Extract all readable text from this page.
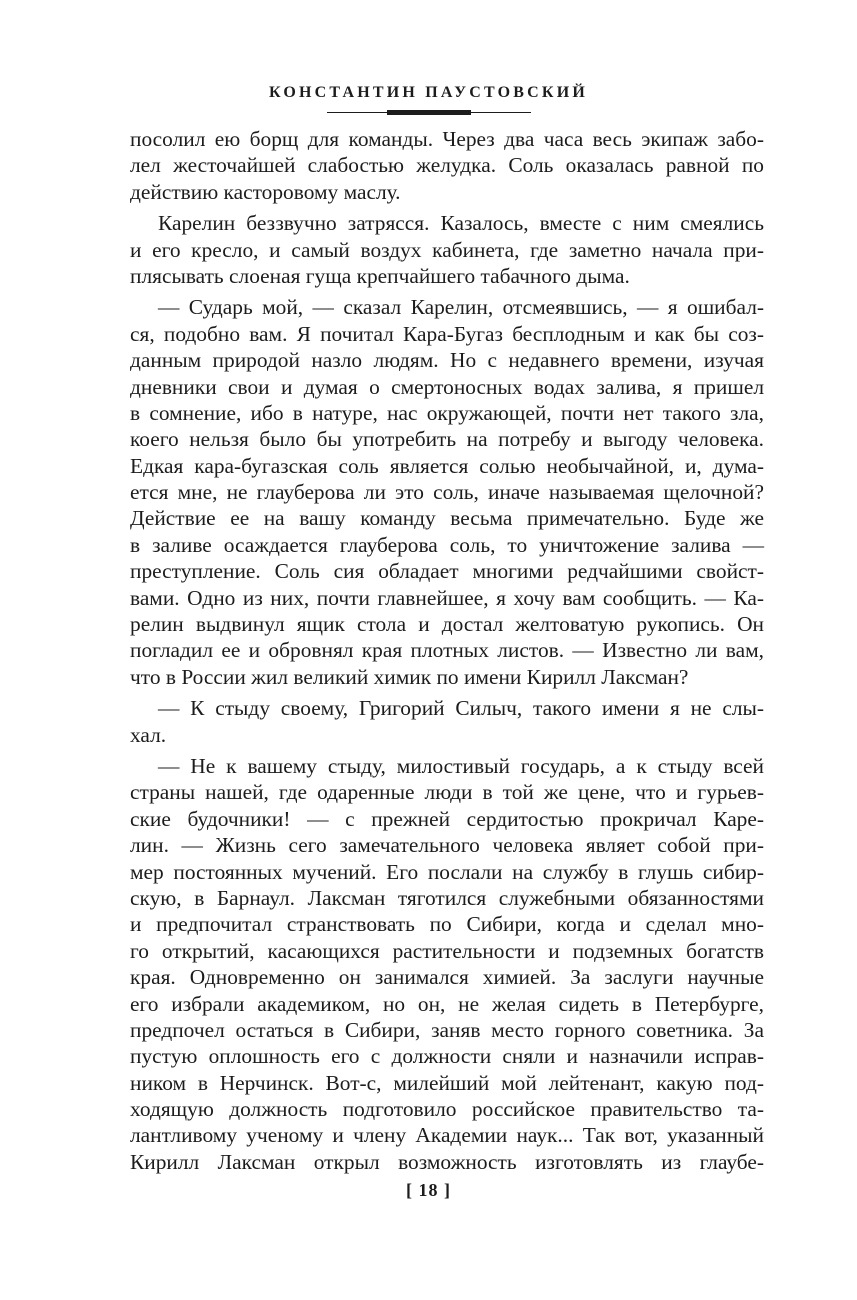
КОНСТАНТИН ПАУСТОВСКИЙ
посолил ею борщ для команды. Через два часа весь экипаж забо-
лел жесточайшей слабостью желудка. Соль оказалась равной по
действию касторовому маслу.
Карелин беззвучно затрясся. Казалось, вместе с ним смеялись
и его кресло, и самый воздух кабинета, где заметно начала при-
плясывать слоеная гуща крепчайшего табачного дыма.
— Сударь мой, — сказал Карелин, отсмеявшись, — я ошибал-
ся, подобно вам. Я почитал Кара-Бугаз бесплодным и как бы соз-
данным природой назло людям. Но с недавнего времени, изучая
дневники свои и думая о смертоносных водах залива, я пришел
в сомнение, ибо в натуре, нас окружающей, почти нет такого зла,
коего нельзя было бы употребить на потребу и выгоду человека.
Едкая кара-бугазская соль является солью необычайной, и, дума-
ется мне, не глауберова ли это соль, иначе называемая щелочной?
Действие ее на вашу команду весьма примечательно. Буде же
в заливе осаждается глауберова соль, то уничтожение залива —
преступление. Соль сия обладает многими редчайшими свойст-
вами. Одно из них, почти главнейшее, я хочу вам сообщить. — Ка-
релин выдвинул ящик стола и достал желтоватую рукопись. Он
погладил ее и обровнял края плотных листов. — Известно ли вам,
что в России жил великий химик по имени Кирилл Лаксман?
— К стыду своему, Григорий Силыч, такого имени я не слы-
хал.
— Не к вашему стыду, милостивый государь, а к стыду всей
страны нашей, где одаренные люди в той же цене, что и гурьев-
ские будочники! — с прежней сердитостью прокричал Каре-
лин. — Жизнь сего замечательного человека являет собой при-
мер постоянных мучений. Его послали на службу в глушь сибир-
скую, в Барнаул. Лаксман тяготился служебными обязанностями
и предпочитал странствовать по Сибири, когда и сделал мно-
го открытий, касающихся растительности и подземных богатств
края. Одновременно он занимался химией. За заслуги научные
его избрали академиком, но он, не желая сидеть в Петербурге,
предпочел остаться в Сибири, заняв место горного советника. За
пустую оплошность его с должности сняли и назначили исправ-
ником в Нерчинск. Вот-с, милейший мой лейтенант, какую под-
ходящую должность подготовило российское правительство та-
лантливому ученому и члену Академии наук... Так вот, указанный
Кирилл Лаксман открыл возможность изготовлять из глаубе-
[ 18 ]
